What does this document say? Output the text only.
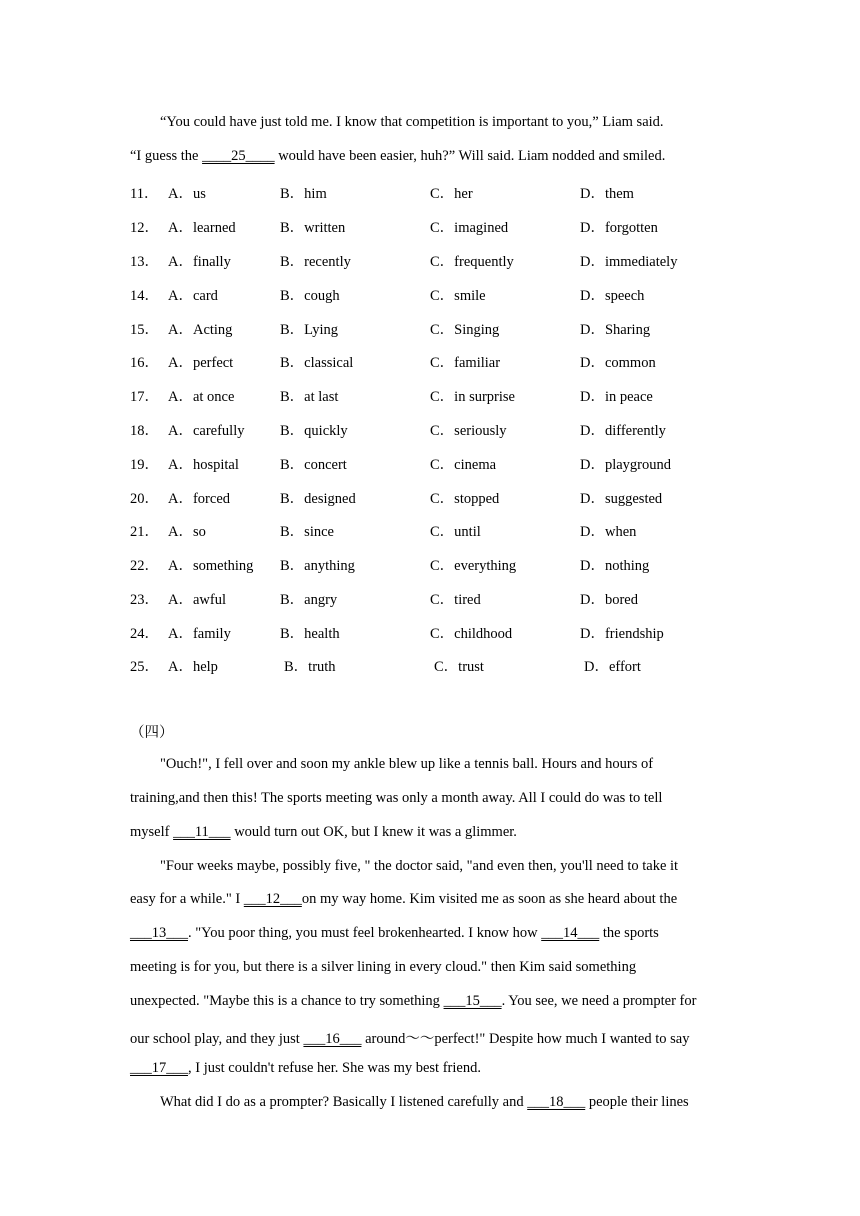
“You could have just told me. I know that competition is important to you,” Liam said.
“I guess the ____25____ would have been easier, huh?” Will said. Liam nodded and smiled.
11． A．us	B．him	C．her	D．them
12． A．learned	B．written	C．imagined	D．forgotten
13． A．finally	B．recently	C．frequently	D．immediately
14． A．card	B．cough	C．smile	D．speech
15． A．Acting	B．Lying	C．Singing	D．Sharing
16． A．perfect	B．classical	C．familiar	D．common
17． A．at once	B．at last	C．in surprise	D．in peace
18． A．carefully B．quickly	C．seriously	D．differently
19． A．hospital	B．concert	C．cinema	D．playground
20． A．forced	B．designed	C．stopped	D．suggested
21． A．so	B．since	C．until	D．when
22． A．something B．anything	C．everything	D．nothing
23． A．awful	B．angry	C．tired	D．bored
24． A．family	B．health	C．childhood	D．friendship
25． A．help	B．truth	C．trust	D．effort
（四）
"Ouch!", I fell over and soon my ankle blew up like a tennis ball. Hours and hours of
training,and then this! The sports meeting was only a month away. All I could do was to tell
myself ___11___ would turn out OK, but I knew it was a glimmer.
"Four weeks maybe, possibly five, " the doctor said, "and even then, you'll need to take it
easy for a while." I ___12___on my way home. Kim visited me as soon as she heard about the
___13___. "You poor thing, you must feel brokenhearted. I know how ___14___ the sports
meeting is for you, but there is a silver lining in every cloud." then Kim said something
unexpected. "Maybe this is a chance to try something ___15___. You see, we need a prompter for
our school play, and they just ___16___ around～～perfect!" Despite how much I wanted to say
___17___, I just couldn't refuse her. She was my best friend.
What did I do as a prompter? Basically I listened carefully and ___18___ people their lines
